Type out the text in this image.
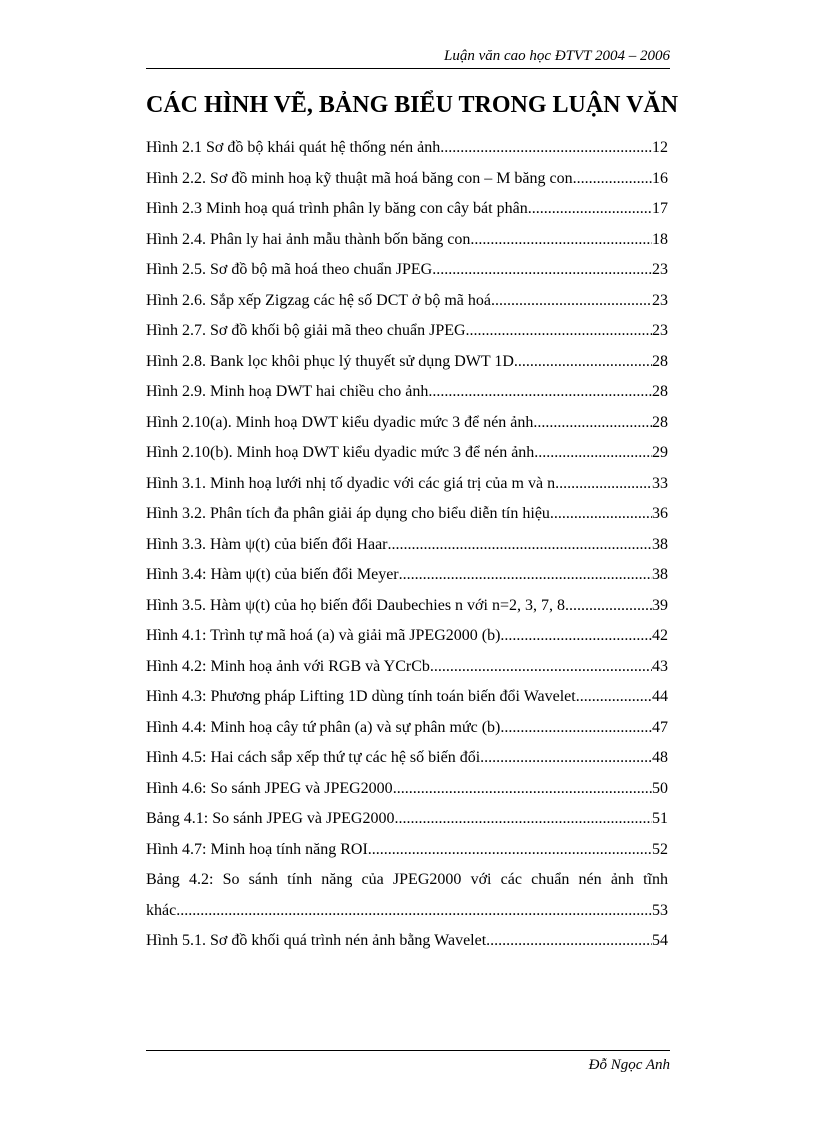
Luận văn cao học ĐTVT 2004 – 2006
CÁC HÌNH VẼ, BẢNG BIỂU TRONG LUẬN VĂN
Hình 2.1 Sơ đồ bộ khái quát hệ thống nén ảnh .....	12
Hình 2.2. Sơ đồ minh hoạ kỹ thuật mã hoá băng con – M băng con .....	16
Hình 2.3 Minh hoạ quá trình phân ly băng con cây bát phân .....	17
Hình 2.4. Phân ly hai ảnh mẫu thành bốn băng con .....	18
Hình 2.5. Sơ đồ bộ mã hoá theo chuẩn JPEG .....	23
Hình 2.6. Sắp xếp Zigzag các hệ số DCT ở bộ mã hoá .....	23
Hình 2.7. Sơ đồ khối bộ giải mã theo chuẩn JPEG .....	23
Hình 2.8. Bank lọc khôi phục lý thuyết sử dụng DWT 1D .....	28
Hình 2.9. Minh hoạ DWT hai chiều cho ảnh .....	28
Hình 2.10(a). Minh hoạ DWT kiểu dyadic mức 3 để nén ảnh .....	28
Hình 2.10(b). Minh hoạ DWT kiểu dyadic mức 3 để nén ảnh .....	29
Hình 3.1. Minh hoạ lưới nhị tố dyadic với các giá trị của m và n .....	33
Hình 3.2. Phân tích đa phân giải áp dụng cho biểu diễn tín hiệu .....	36
Hình 3.3. Hàm ψ(t) của biến đổi Haar .....	38
Hình 3.4: Hàm ψ(t) của biến đổi Meyer .....	38
Hình 3.5. Hàm ψ(t) của họ biến đổi Daubechies n với n=2, 3, 7, 8 .....	39
Hình 4.1: Trình tự mã hoá (a) và giải mã JPEG2000 (b) .....	42
Hình 4.2: Minh hoạ ảnh với RGB và YCrCb .....	43
Hình 4.3: Phương pháp Lifting 1D dùng tính toán biến đổi Wavelet .....	44
Hình 4.4: Minh hoạ cây tứ phân (a) và sự phân mức (b) .....	47
Hình 4.5: Hai cách sắp xếp thứ tự các hệ số biến đổi .....	48
Hình 4.6: So sánh JPEG và JPEG2000 .....	50
Bảng 4.1: So sánh JPEG và JPEG2000 .....	51
Hình 4.7: Minh hoạ tính năng ROI .....	52
Bảng 4.2: So sánh tính năng của JPEG2000 với các chuẩn nén ảnh tĩnh
khác .....	53
Hình 5.1. Sơ đồ khối quá trình nén ảnh bằng Wavelet .....	54
Đỗ Ngọc Anh
